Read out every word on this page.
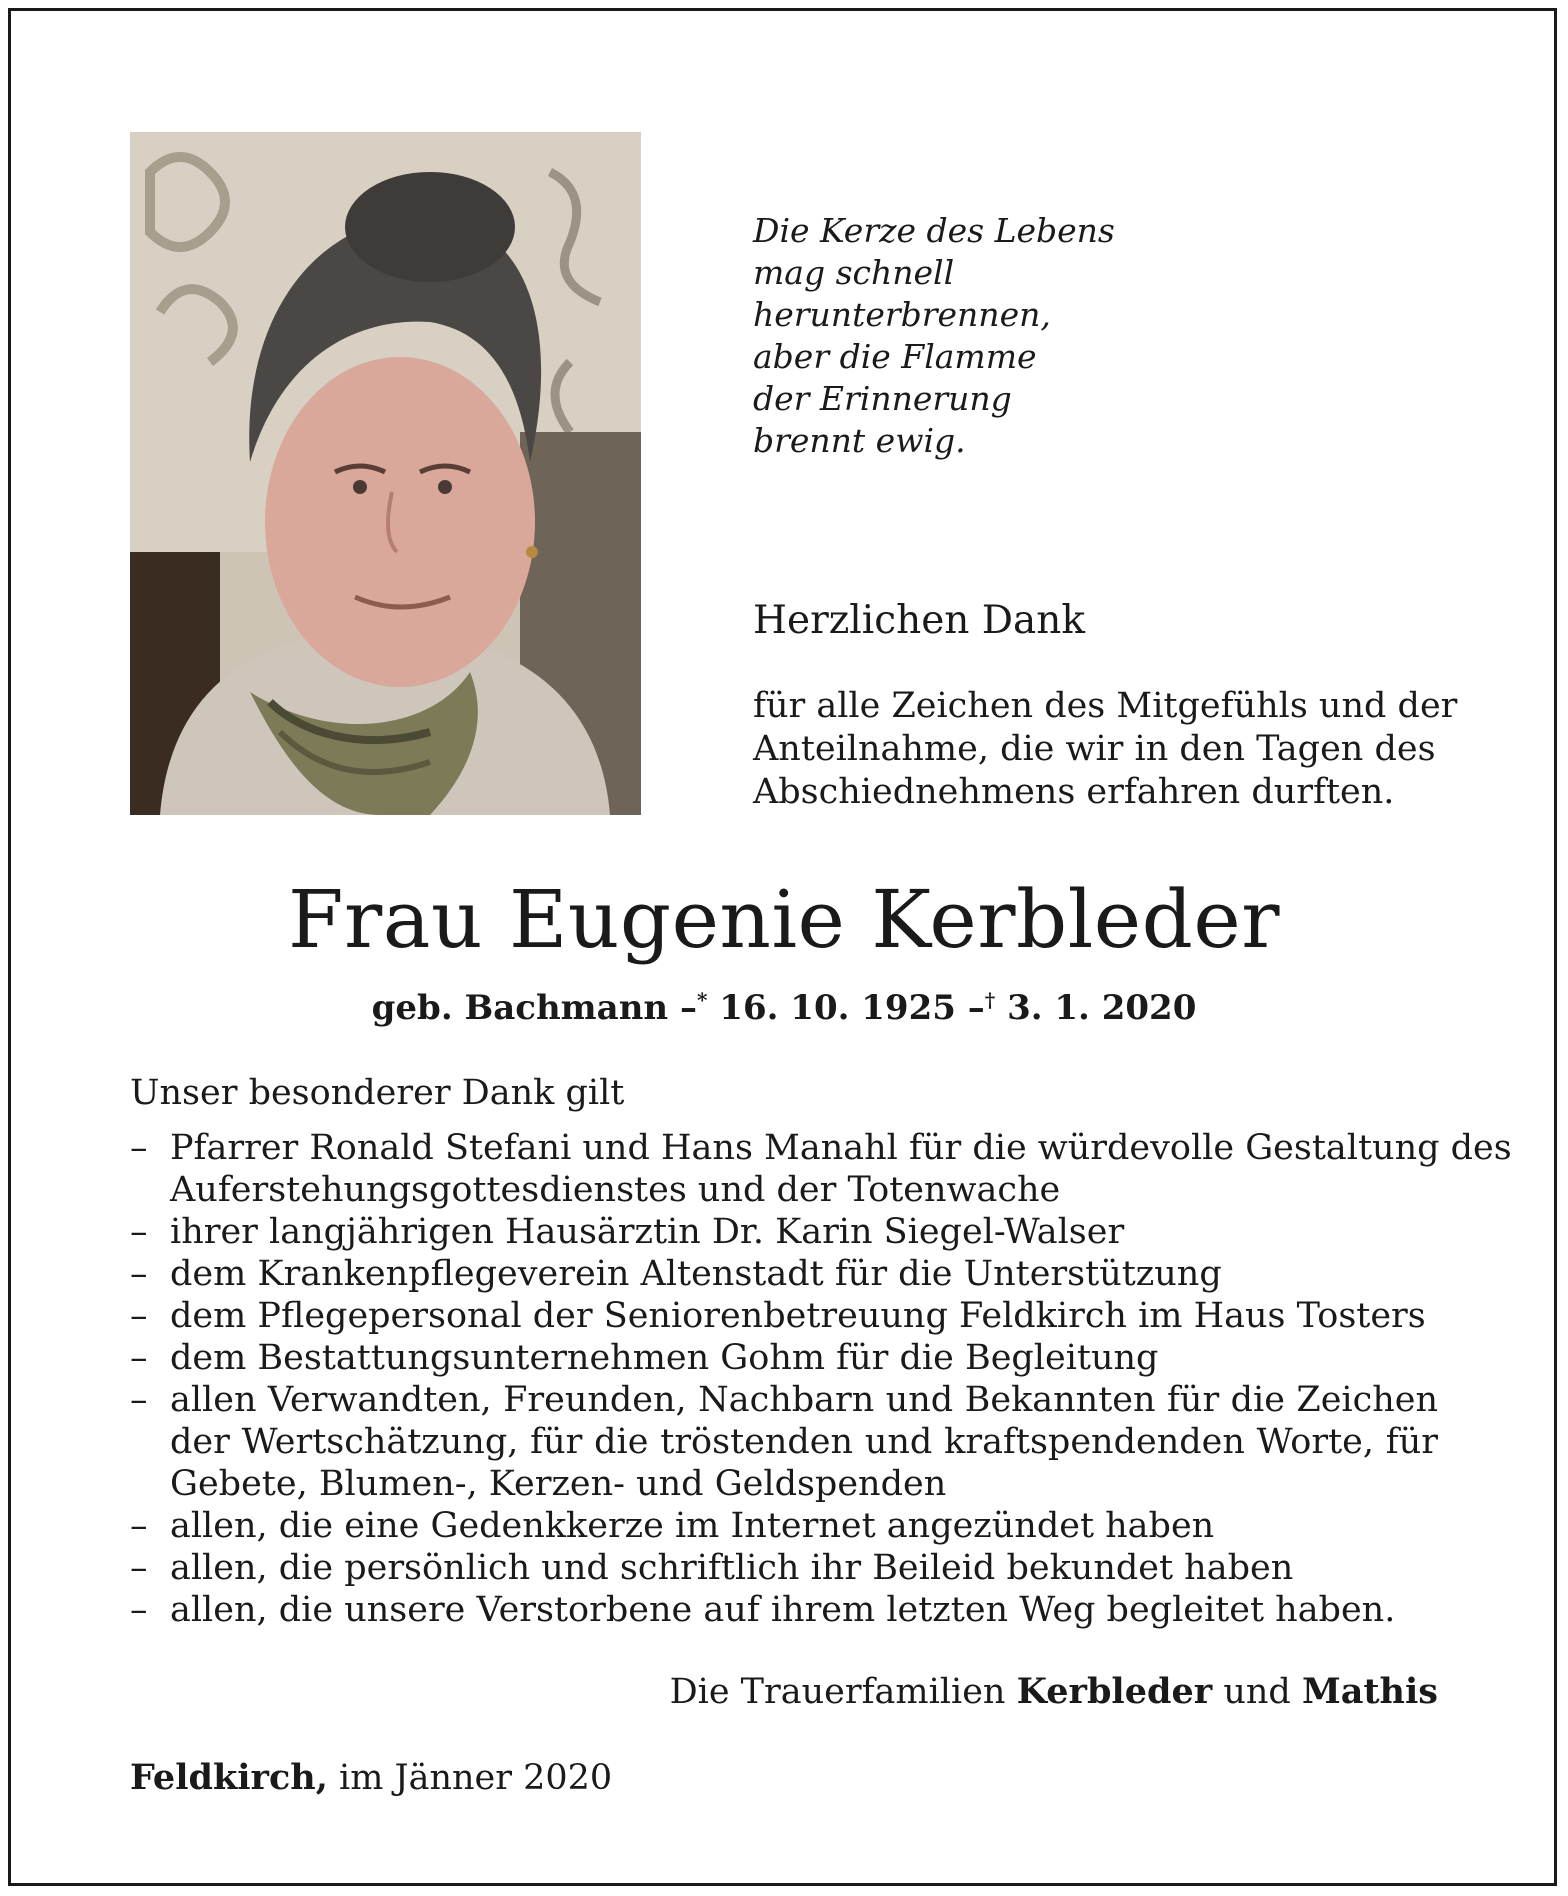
Die Kerze des Lebens
mag schnell
herunterbrennen,
aber die Flamme
der Erinnerung
brennt ewig.
Herzlichen Dank
für alle Zeichen des Mitgefühls und der
Anteilnahme, die wir in den Tagen des
Abschiednehmens erfahren durften.
Frau Eugenie Kerbleder
geb. Bachmann –* 16. 10. 1925 –† 3. 1. 2020
Unser besonderer Dank gilt
– Pfarrer Ronald Stefani und Hans Manahl für die würdevolle Gestaltung des
Auferstehungsgottesdienstes und der Totenwache
– ihrer langjährigen Hausärztin Dr. Karin Siegel-Walser
– dem Krankenpflegeverein Altenstadt für die Unterstützung
– dem Pflegepersonal der Seniorenbetreuung Feldkirch im Haus Tosters
– dem Bestattungsunternehmen Gohm für die Begleitung
– allen Verwandten, Freunden, Nachbarn und Bekannten für die Zeichen
der Wertschätzung, für die tröstenden und kraftspendenden Worte, für
Gebete, Blumen-, Kerzen- und Geldspenden
– allen, die eine Gedenkkerze im Internet angezündet haben
– allen, die persönlich und schriftlich ihr Beileid bekundet haben
– allen, die unsere Verstorbene auf ihrem letzten Weg begleitet haben.
Die Trauerfamilien Kerbleder und Mathis
Feldkirch, im Jänner 2020
